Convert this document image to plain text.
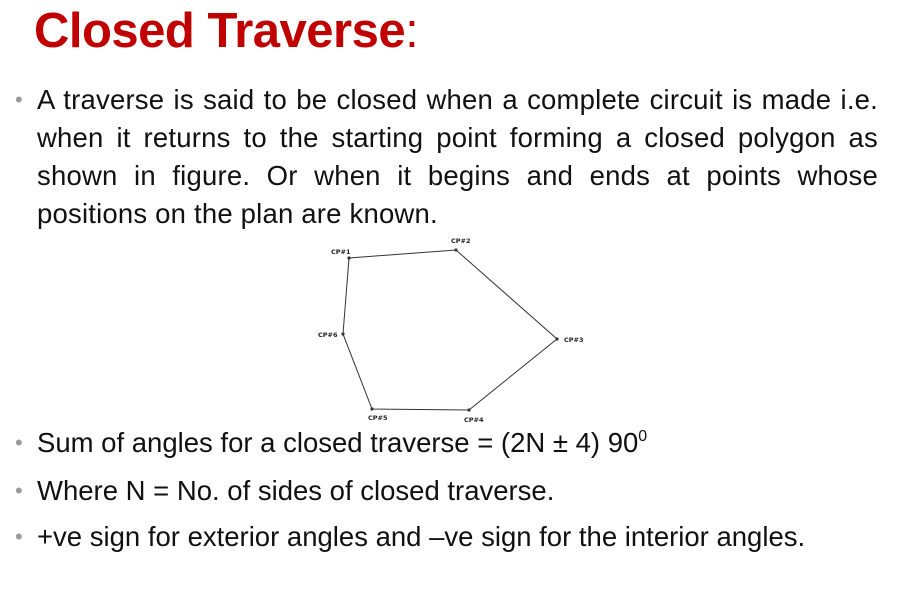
Closed Traverse:

• A traverse is said to be closed when a complete circuit is made i.e. when it returns to the starting point forming a closed polygon as shown in figure. Or when it begins and ends at points whose positions on the plan are known.

CP#1
CP#2
CP#3
CP#4
CP#5
CP#6

• Sum of angles for a closed traverse = (2N ± 4) $90^0$

• Where N = No. of sides of closed traverse.

• +ve sign for exterior angles and –ve sign for the interior angles.
